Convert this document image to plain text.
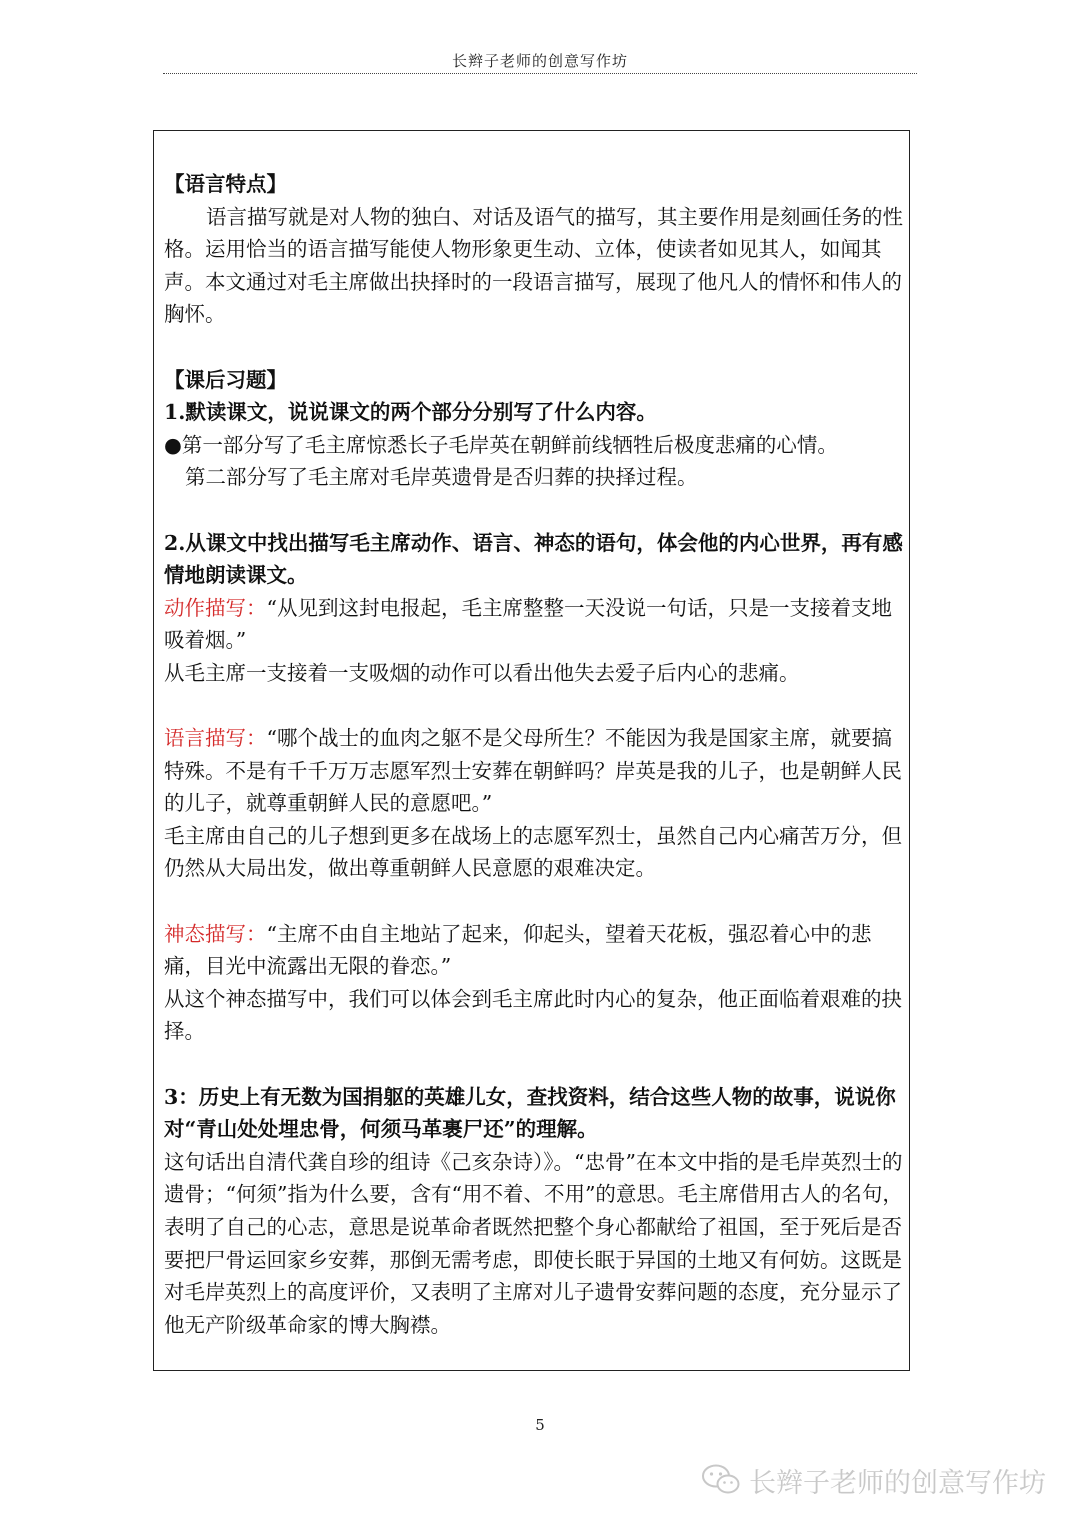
长辫子老师的创意写作坊

【语言特点】

语言描写就是对人物的独白、对话及语气的描写，其主要作用是刻画任务的性格。运用恰当的语言描写能使人物形象更生动、立体，使读者如见其人，如闻其声。本文通过对毛主席做出抉择时的一段语言描写，展现了他凡人的情怀和伟人的胸怀。

【课后习题】

1.默读课文，说说课文的两个部分分别写了什么内容。

●第一部分写了毛主席惊悉长子毛岸英在朝鲜前线牺牲后极度悲痛的心情。

第二部分写了毛主席对毛岸英遗骨是否归葬的抉择过程。

2.从课文中找出描写毛主席动作、语言、神态的语句，体会他的内心世界，再有感情地朗读课文。

动作描写：“从见到这封电报起，毛主席整整一天没说一句话，只是一支接着支地吸着烟。”

从毛主席一支接着一支吸烟的动作可以看出他失去爱子后内心的悲痛。

语言描写：“哪个战士的血肉之躯不是父母所生？不能因为我是国家主席，就要搞特殊。不是有千千万万志愿军烈士安葬在朝鲜吗？岸英是我的儿子，也是朝鲜人民的儿子，就尊重朝鲜人民的意愿吧。”

毛主席由自己的儿子想到更多在战场上的志愿军烈士，虽然自己内心痛苦万分，但仍然从大局出发，做出尊重朝鲜人民意愿的艰难决定。

神态描写：“主席不由自主地站了起来，仰起头，望着天花板，强忍着心中的悲痛，目光中流露出无限的眷恋。”

从这个神态描写中，我们可以体会到毛主席此时内心的复杂，他正面临着艰难的抉择。

3：历史上有无数为国捐躯的英雄儿女，查找资料，结合这些人物的故事，说说你对“青山处处埋忠骨，何须马革裹尸还”的理解。

这句话出自清代龚自珍的组诗《己亥杂诗）》。“忠骨”在本文中指的是毛岸英烈士的遗骨；“何须”指为什么要，含有“用不着、不用”的意思。毛主席借用古人的名句，表明了自己的心志，意思是说革命者既然把整个身心都献给了祖国，至于死后是否要把尸骨运回家乡安葬，那倒无需考虑，即使长眠于异国的土地又有何妨。这既是对毛岸英烈上的高度评价，又表明了主席对儿子遗骨安葬问题的态度，充分显示了他无产阶级革命家的博大胸襟。

5
长辫子老师的创意写作坊
